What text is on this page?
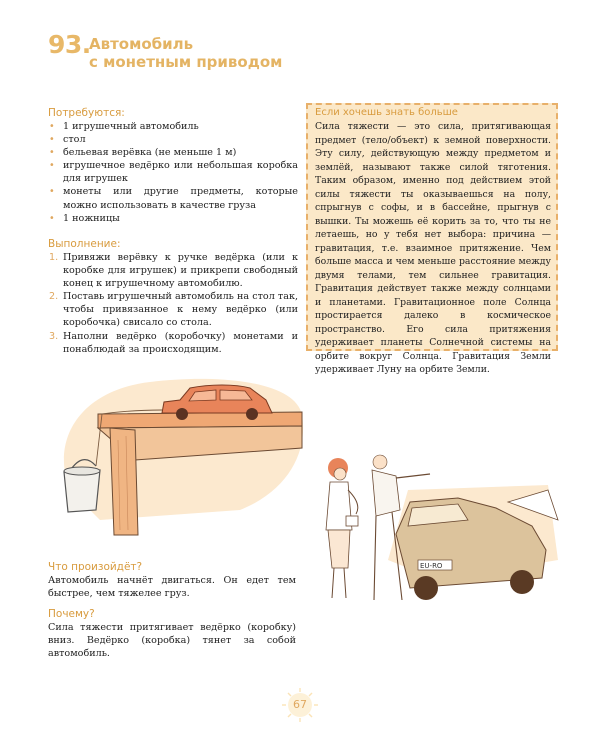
93.
Автомобиль
с монетным приводом
Потребуются:
• 1 игрушечный автомобиль
• стол
• бельевая верёвка (не меньше 1 м)
• игрушечное ведёрко или небольшая коробка для игрушек
• монеты или другие предметы, которые можно использовать в качестве груза
• 1 ножницы
Выполнение:
1. Привяжи верёвку к ручке ведёрка (или к коробке для игрушек) и прикрепи свободный конец к игрушечному автомобилю.
2. Поставь игрушечный автомобиль на стол так, чтобы привязанное к нему ведёрко (или коробочка) свисало со стола.
3. Наполни ведёрко (коробочку) монетами и понаблюдай за происходящим.
Если хочешь знать больше

Сила тяжести — это сила, притягивающая предмет (тело/объект) к земной поверхности. Эту силу, действующую между предметом и землёй, называют также силой тяготения. Таким образом, именно под действием этой силы тяжести ты оказываешься на полу, спрыгнув с софы, и в бассейне, прыгнув с вышки. Ты можешь её корить за то, что ты не летаешь, но у тебя нет выбора: причина — гравитация, т.е. взаимное притяжение. Чем больше масса и чем меньше расстояние между двумя телами, тем сильнее гравитация. Гравитация действует также между солнцами и планетами. Гравитационное поле Солнца простирается далеко в космическое пространство. Его сила притяжения удерживает планеты Солнечной системы на орбите вокруг Солнца. Гравитация Земли удерживает Луну на орбите Земли.

EU-RO
Что произойдёт?

Автомобиль начнёт двигаться. Он едет тем быстрее, чем тяжелее груз.

Почему?

Сила тяжести притягивает ведёрко (коробку) вниз. Ведёрко (коробка) тянет за собой автомобиль.

67
